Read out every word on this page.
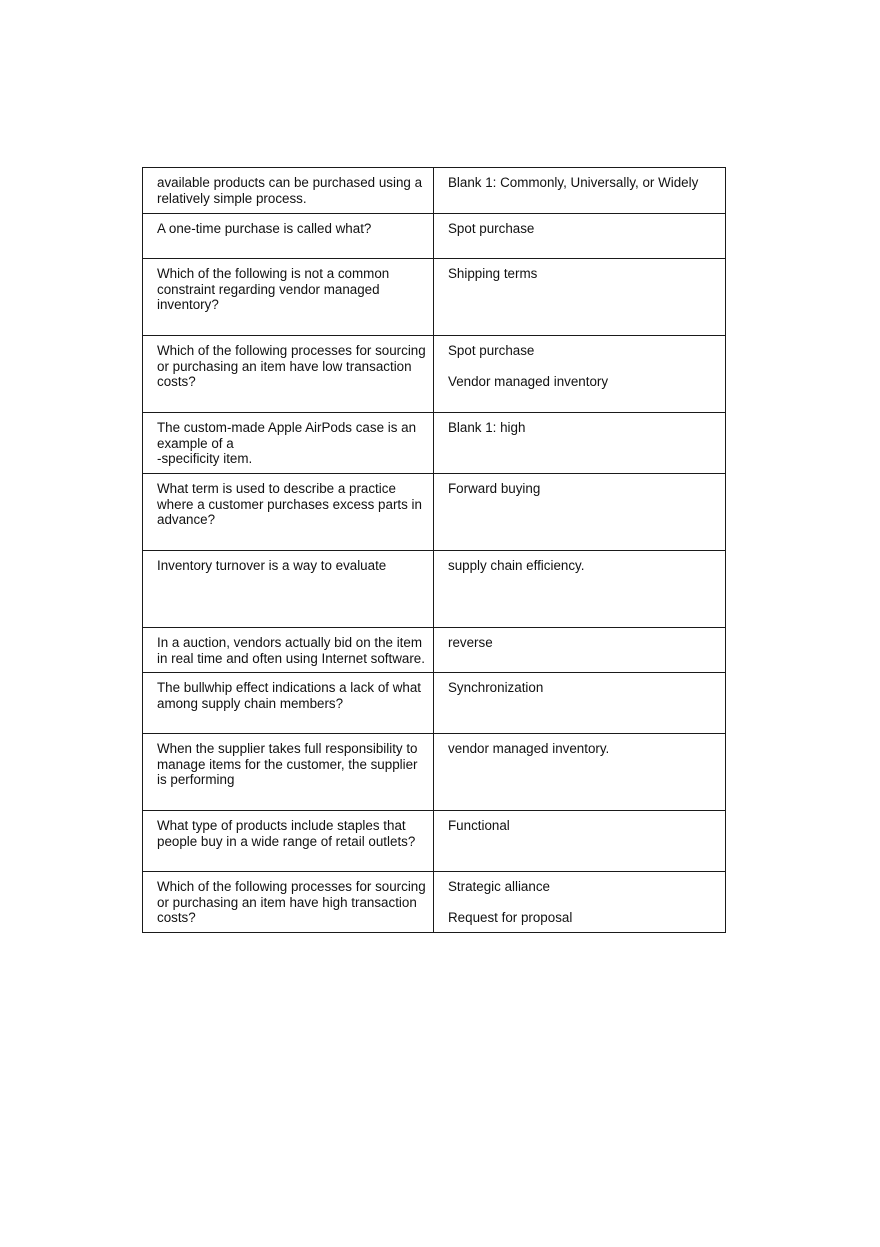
available products can be purchased using a
relatively simple process.	Blank 1: Commonly, Universally, or Widely

A one-time purchase is called what?	Spot purchase

Which of the following is not a common
constraint regarding vendor managed
inventory?	Shipping terms

Which of the following processes for sourcing
or purchasing an item have low transaction
costs?	Spot purchase
Vendor managed inventory

The custom-made Apple AirPods case is an
example of a
-specificity item.	Blank 1: high

What term is used to describe a practice
where a customer purchases excess parts in
advance?	Forward buying

Inventory turnover is a way to evaluate	supply chain efficiency.

In a auction, vendors actually bid on the item
in real time and often using Internet software.	reverse

The bullwhip effect indications a lack of what
among supply chain members?	Synchronization

When the supplier takes full responsibility to
manage items for the customer, the supplier
is performing	vendor managed inventory.

What type of products include staples that
people buy in a wide range of retail outlets?	Functional

Which of the following processes for sourcing
or purchasing an item have high transaction
costs?	Strategic alliance
Request for proposal
